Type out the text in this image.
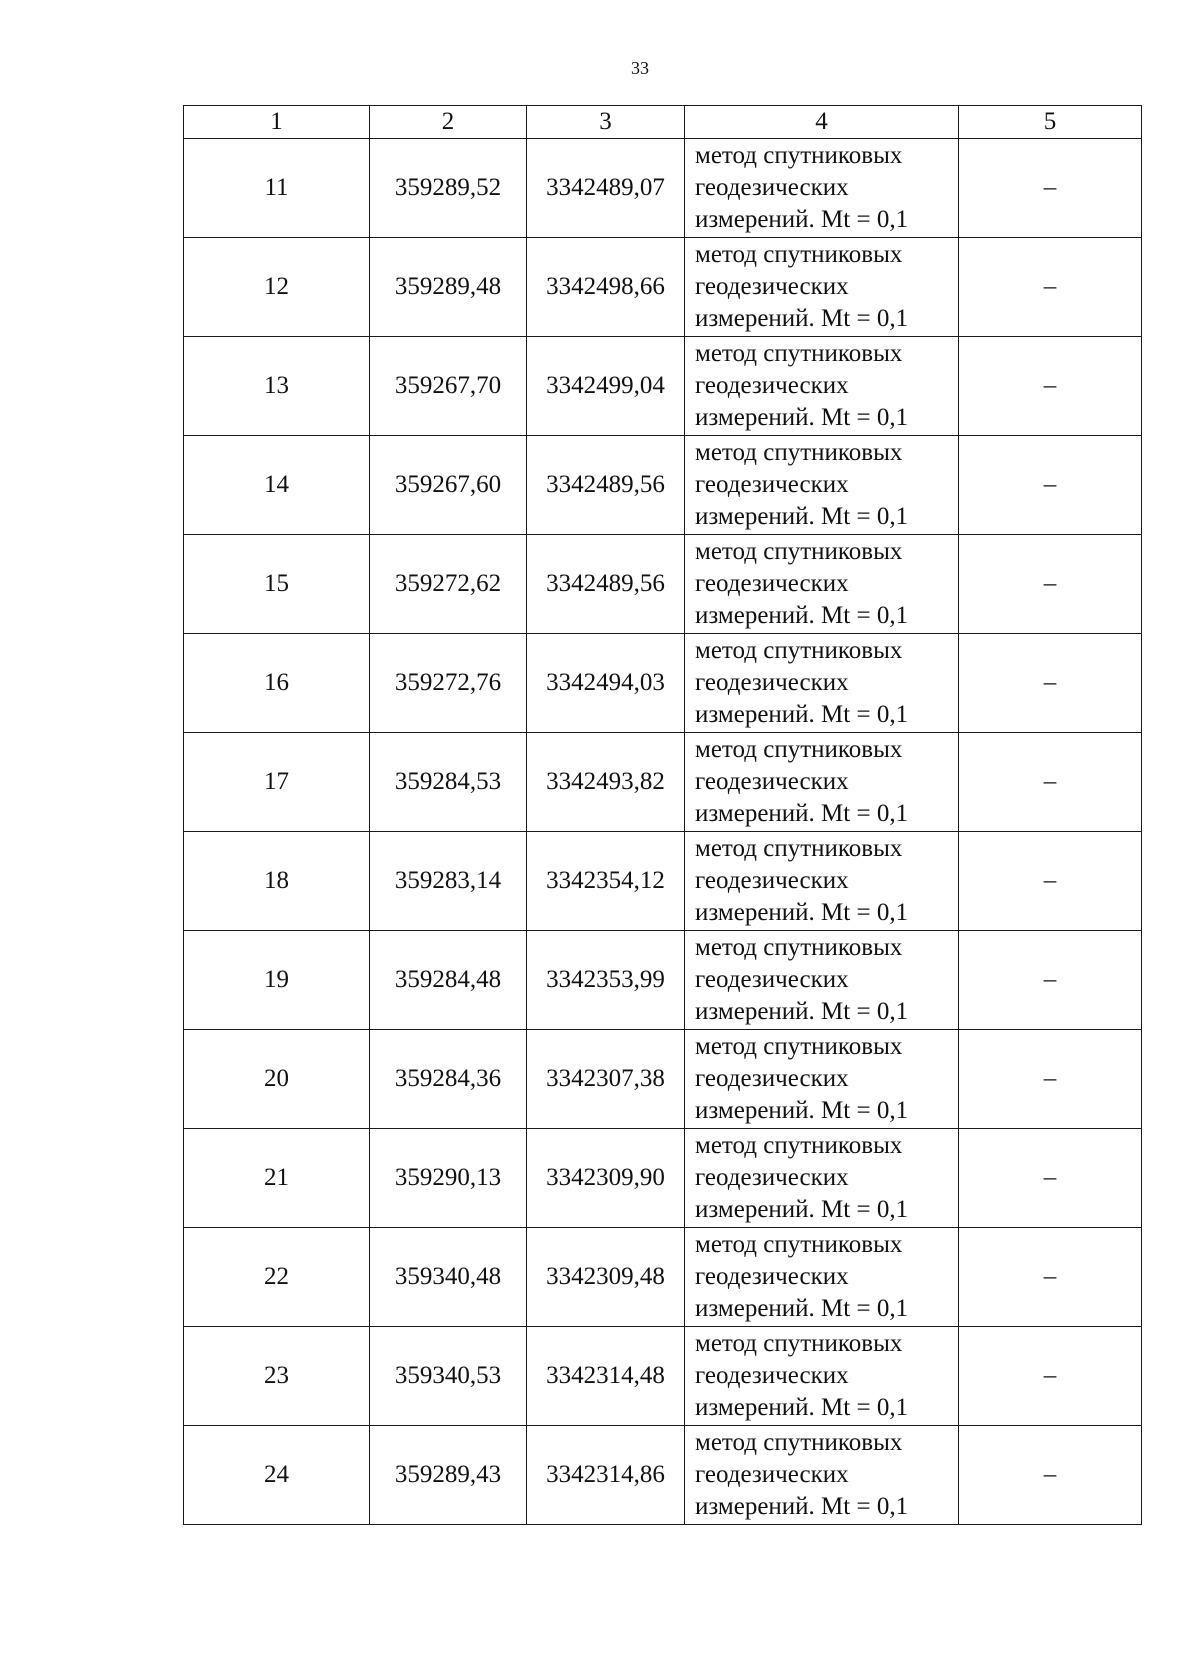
33
1	2	3	4	5
11	359289,52	3342489,07	метод спутниковых
геодезических
измерений. Mt = 0,1	–
12	359289,48	3342498,66	метод спутниковых
геодезических
измерений. Mt = 0,1	–
13	359267,70	3342499,04	метод спутниковых
геодезических
измерений. Mt = 0,1	–
14	359267,60	3342489,56	метод спутниковых
геодезических
измерений. Mt = 0,1	–
15	359272,62	3342489,56	метод спутниковых
геодезических
измерений. Mt = 0,1	–
16	359272,76	3342494,03	метод спутниковых
геодезических
измерений. Mt = 0,1	–
17	359284,53	3342493,82	метод спутниковых
геодезических
измерений. Mt = 0,1	–
18	359283,14	3342354,12	метод спутниковых
геодезических
измерений. Mt = 0,1	–
19	359284,48	3342353,99	метод спутниковых
геодезических
измерений. Mt = 0,1	–
20	359284,36	3342307,38	метод спутниковых
геодезических
измерений. Mt = 0,1	–
21	359290,13	3342309,90	метод спутниковых
геодезических
измерений. Mt = 0,1	–
22	359340,48	3342309,48	метод спутниковых
геодезических
измерений. Mt = 0,1	–
23	359340,53	3342314,48	метод спутниковых
геодезических
измерений. Mt = 0,1	–
24	359289,43	3342314,86	метод спутниковых
геодезических
измерений. Mt = 0,1	–
